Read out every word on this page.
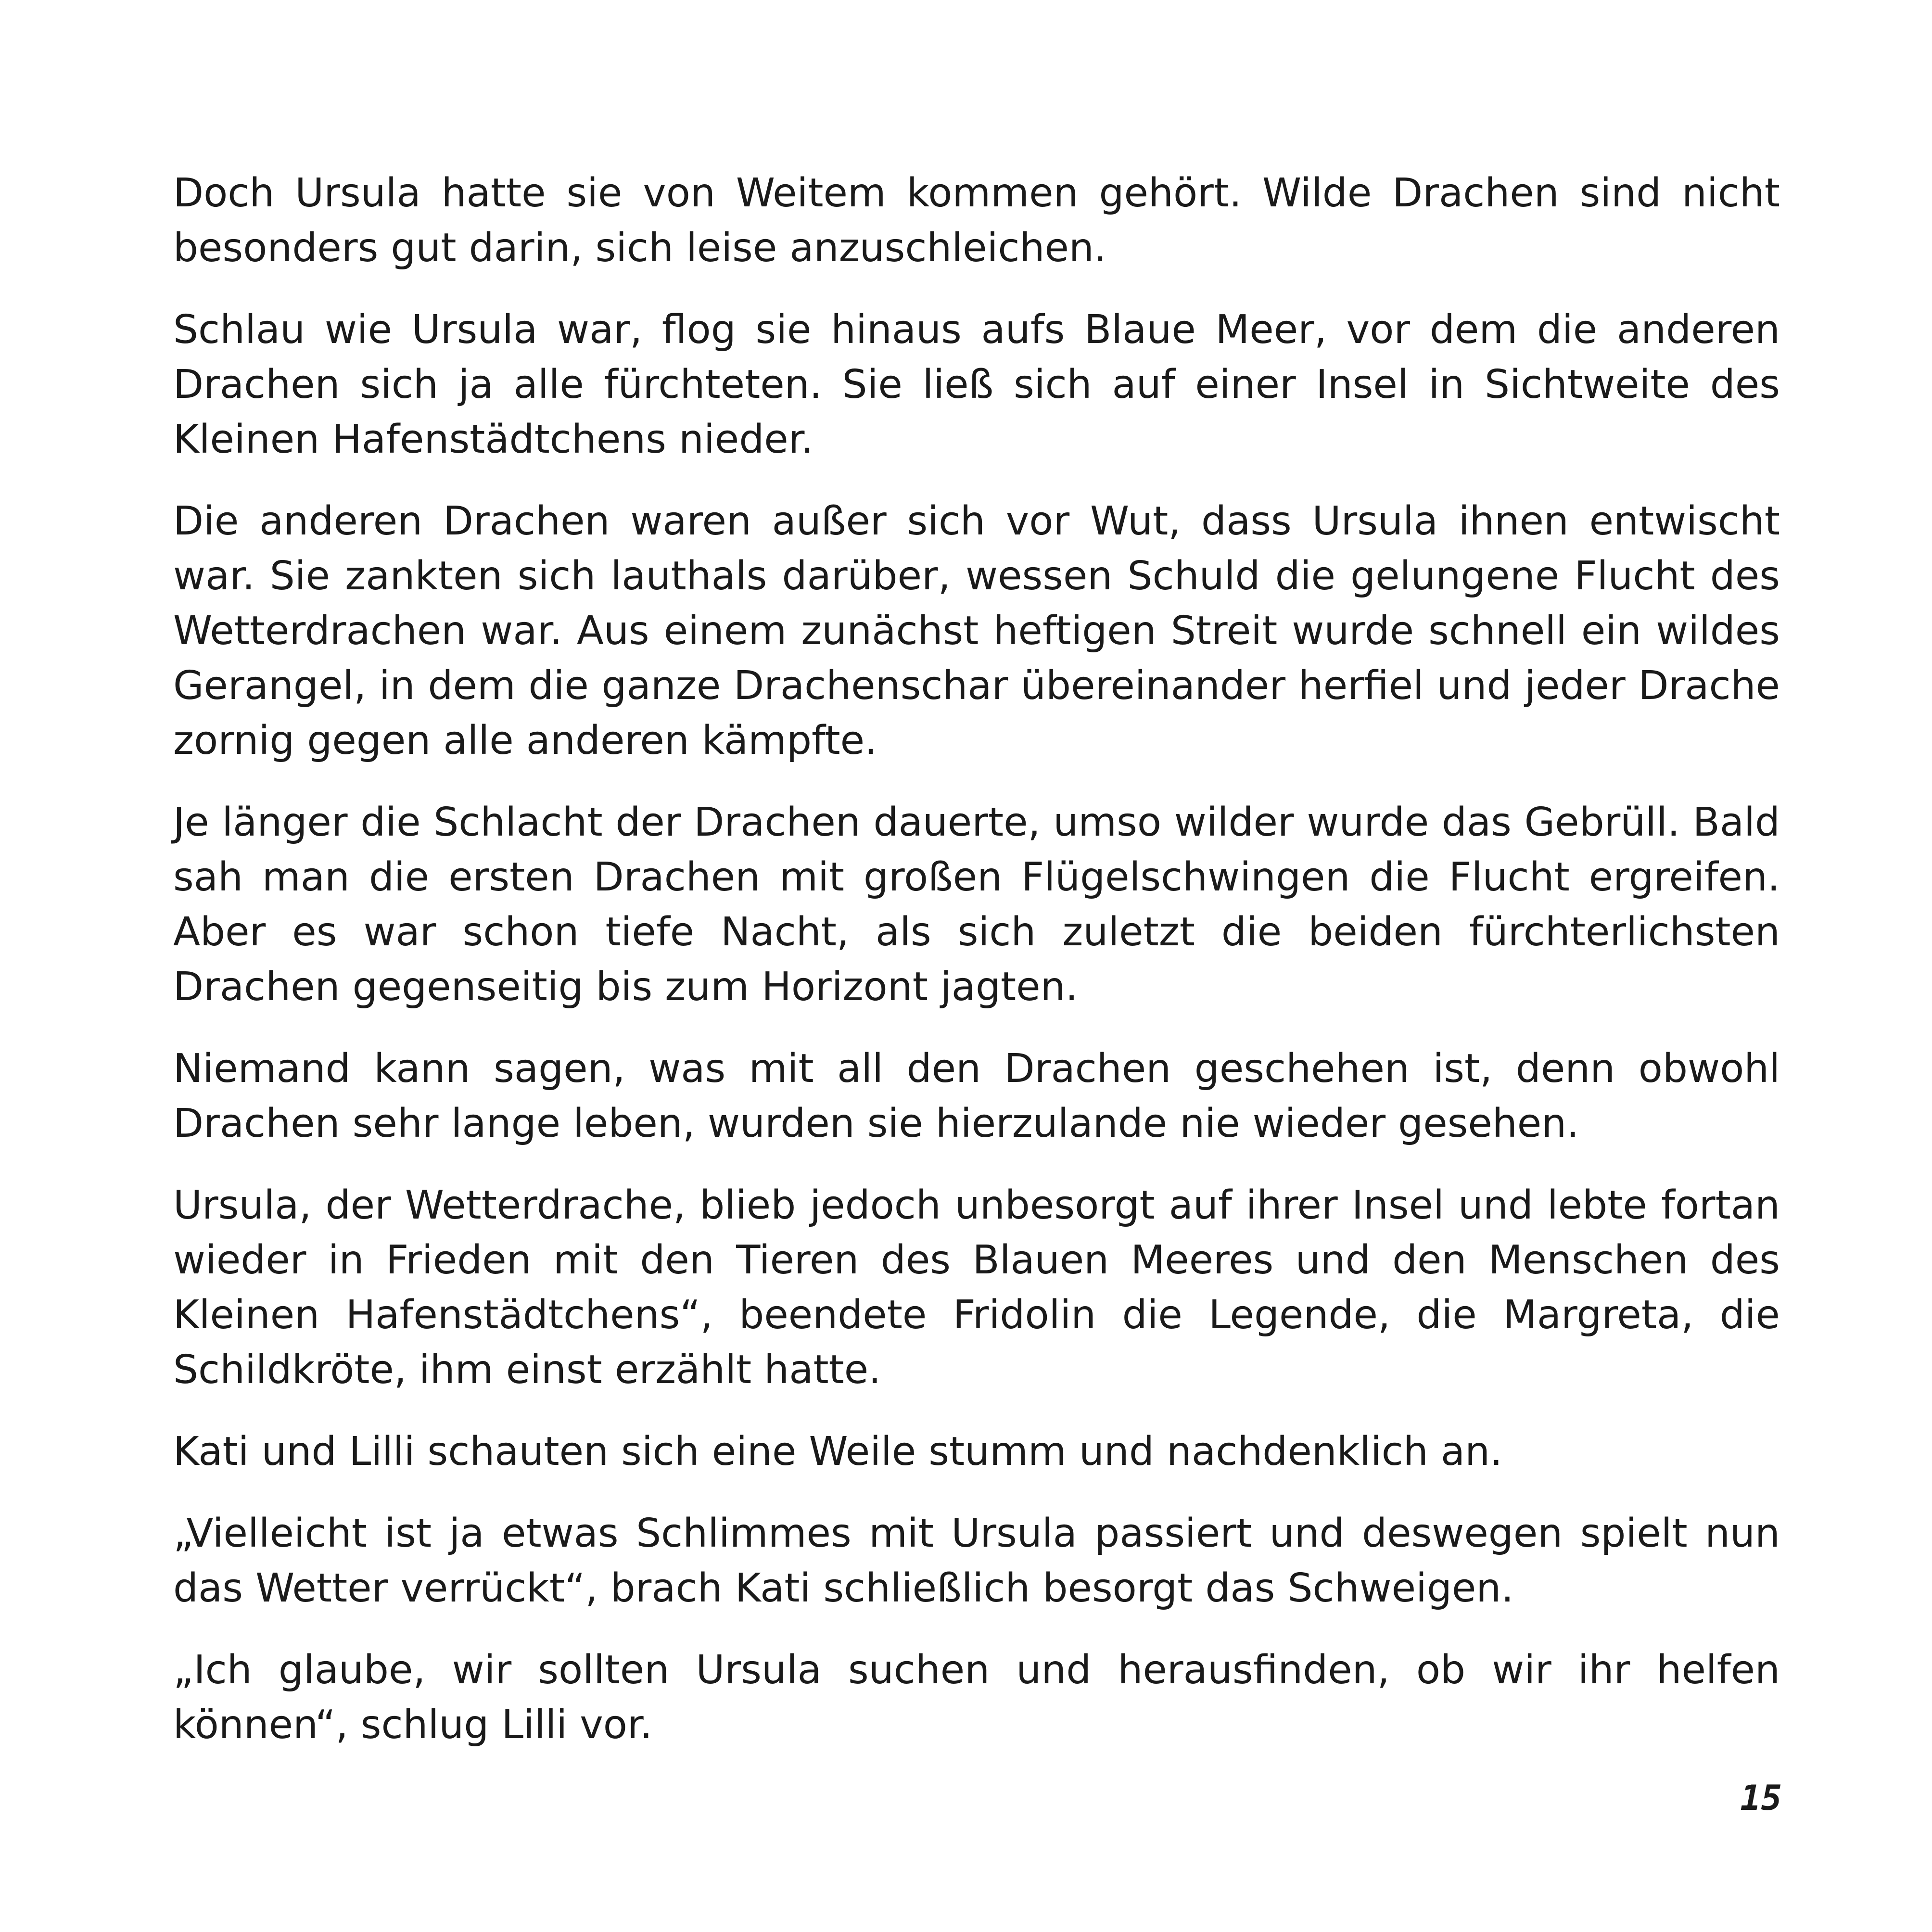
Doch Ursula hatte sie von Weitem kommen gehört. Wilde Drachen sind nicht besonders gut darin, sich leise anzuschleichen.

Schlau wie Ursula war, flog sie hinaus aufs Blaue Meer, vor dem die anderen Drachen sich ja alle fürchteten. Sie ließ sich auf einer Insel in Sichtweite des Kleinen Hafenstädtchens nieder.

Die anderen Drachen waren außer sich vor Wut, dass Ursula ihnen entwischt war. Sie zankten sich lauthals darüber, wessen Schuld die gelungene Flucht des Wetterdrachen war. Aus einem zunächst heftigen Streit wurde schnell ein wildes Gerangel, in dem die ganze Drachenschar übereinander herfiel und jeder Drache zornig gegen alle anderen kämpfte.

Je länger die Schlacht der Drachen dauerte, umso wilder wurde das Gebrüll. Bald sah man die ersten Drachen mit großen Flügelschwingen die Flucht ergreifen. Aber es war schon tiefe Nacht, als sich zuletzt die beiden fürchterlichsten Drachen gegenseitig bis zum Horizont jagten.

Niemand kann sagen, was mit all den Drachen geschehen ist, denn obwohl Drachen sehr lange leben, wurden sie hierzulande nie wieder gesehen.

Ursula, der Wetterdrache, blieb jedoch unbesorgt auf ihrer Insel und lebte fortan wieder in Frieden mit den Tieren des Blauen Meeres und den Menschen des Kleinen Hafenstädtchens“, beendete Fridolin die Legende, die Margreta, die Schildkröte, ihm einst erzählt hatte.

Kati und Lilli schauten sich eine Weile stumm und nachdenklich an.

„Vielleicht ist ja etwas Schlimmes mit Ursula passiert und deswegen spielt nun das Wetter verrückt“, brach Kati schließlich besorgt das Schweigen.

„Ich glaube, wir sollten Ursula suchen und herausfinden, ob wir ihr helfen können“, schlug Lilli vor.

15
